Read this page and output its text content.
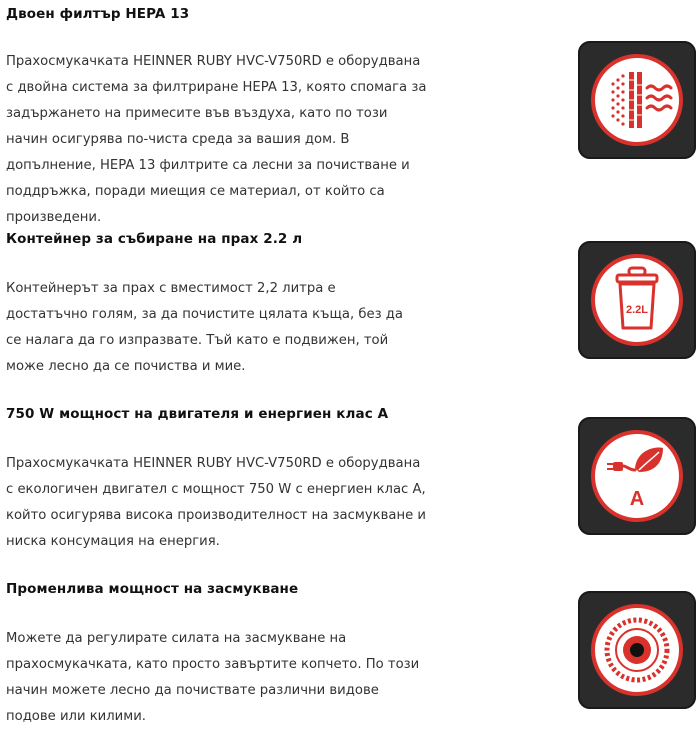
Двоен филтър HEPA 13

Прахосмукачката HEINNER RUBY HVC-V750RD е оборудвана с двойна система за филтриране HEPA 13, която спомага за задържането на примесите във въздуха, като по този начин осигурява по-чиста среда за вашия дом. В допълнение, HEPA 13 филтрите са лесни за почистване и поддръжка, поради миещия се материал, от който са произведени.

Контейнер за събиране на прах 2.2 л

Контейнерът за прах с вместимост 2,2 литра е достатъчно голям, за да почистите цялата къща, без да се налага да го изпразвате. Тъй като е подвижен, той може лесно да се почиства и мие.

2.2L
750 W мощност на двигателя и енергиен клас А

Прахосмукачката HEINNER RUBY HVC-V750RD е оборудвана с екологичен двигател с мощност 750 W с енергиен клас А, който осигурява висока производителност на засмукване и ниска консумация на енергия.

A
Променлива мощност на засмукване

Можете да регулирате силата на засмукване на прахосмукачката, като просто завъртите копчето. По този начин можете лесно да почиствате различни видове подове или килими.
